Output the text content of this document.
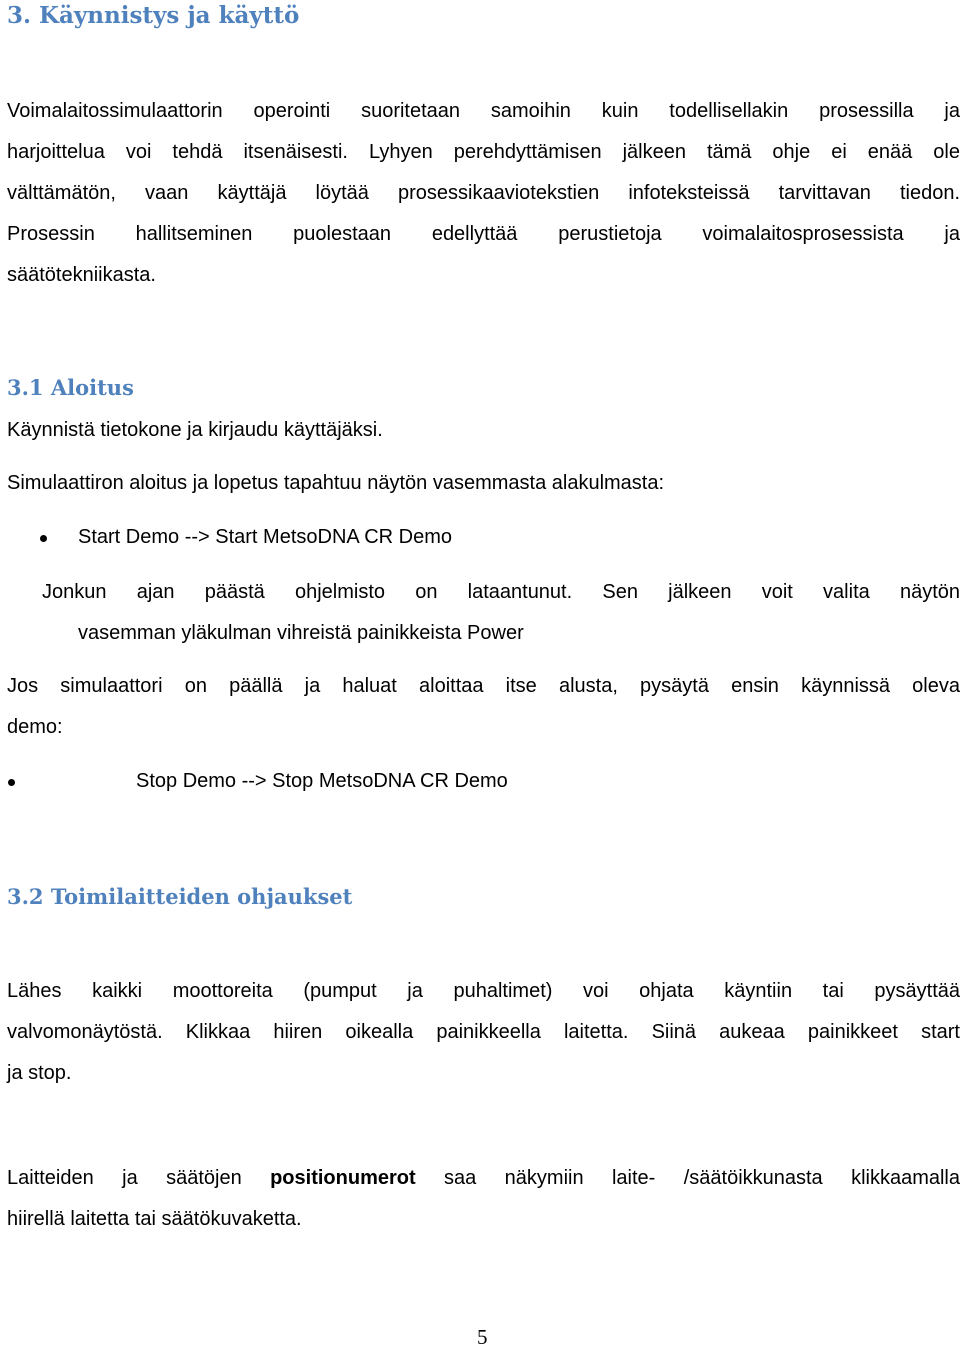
3. Käynnistys ja käyttö
Voimalaitossimulaattorin operointi suoritetaan samoihin kuin todellisellakin prosessilla ja
harjoittelua voi tehdä itsenäisesti. Lyhyen perehdyttämisen jälkeen tämä ohje ei enää ole
välttämätön, vaan käyttäjä löytää prosessikaaviotekstien infoteksteissä tarvittavan tiedon.
Prosessin hallitseminen puolestaan edellyttää perustietoja voimalaitosprosessista ja
säätötekniikasta.
3.1 Aloitus
Käynnistä tietokone ja kirjaudu käyttäjäksi.
Simulaattiron aloitus ja lopetus tapahtuu näytön vasemmasta alakulmasta:
Start Demo --> Start MetsoDNA CR Demo
Jonkun ajan päästä ohjelmisto on lataantunut. Sen jälkeen voit valita näytön
vasemman yläkulman vihreistä painikkeista Power
Jos simulaattori on päällä ja haluat aloittaa itse alusta, pysäytä ensin käynnissä oleva
demo:
Stop Demo --> Stop MetsoDNA CR Demo
3.2 Toimilaitteiden ohjaukset
Lähes kaikki moottoreita (pumput ja puhaltimet) voi ohjata käyntiin tai pysäyttää
valvomonäytöstä. Klikkaa hiiren oikealla painikkeella laitetta. Siinä aukeaa painikkeet start
ja stop.
Laitteiden ja säätöjen positionumerot saa näkymiin laite- /säätöikkunasta klikkaamalla
hiirellä laitetta tai säätökuvaketta.
5
